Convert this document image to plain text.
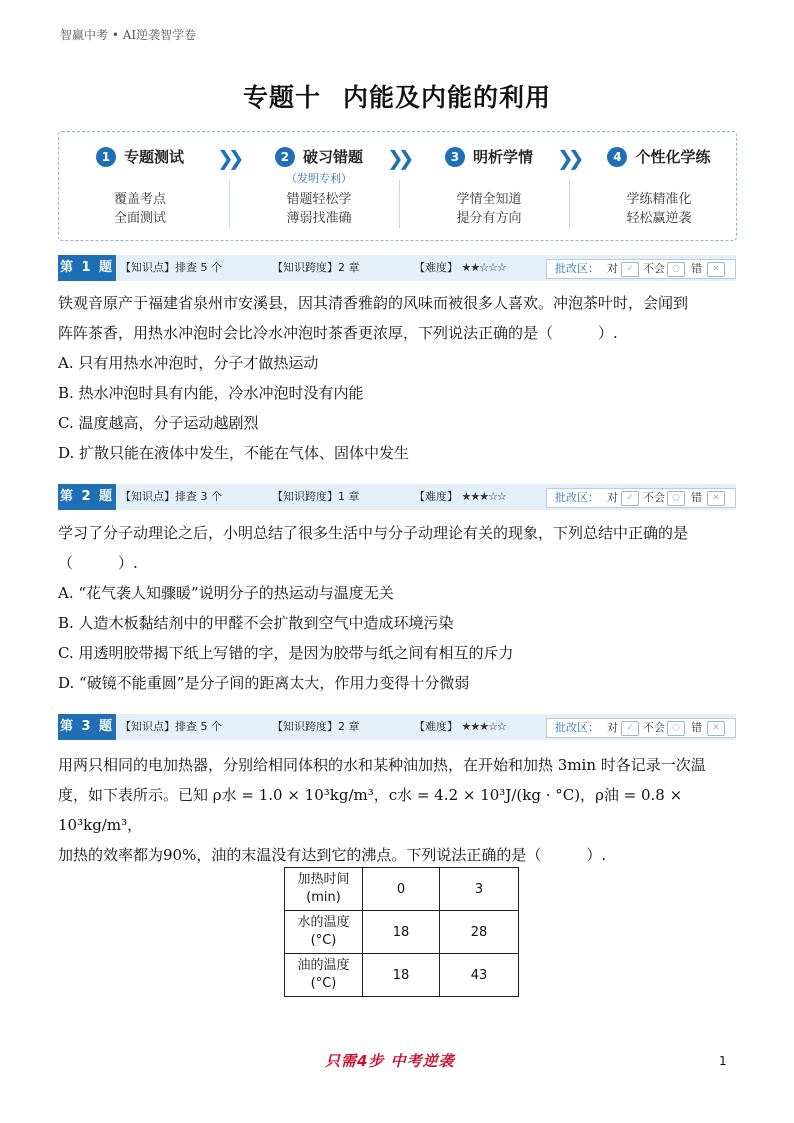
智赢中考 • AI逆袭智学卷
专题十 内能及内能的利用
1 专题测试
覆盖考点
全面测试
❯❯	2 破习错题
（发明专利）
错题轻松学
薄弱找准确
❯❯	3 明析学情
学情全知道
提分有方向
❯❯	4 个性化学练
学练精准化
轻松赢逆袭
第 1 题 【知识点】排查 5 个	【知识跨度】2 章	【难度】 ★★☆☆☆	批改区： 对 ✓ 不会 ○	错	✕
铁观音原产于福建省泉州市安溪县，因其清香雅韵的风味而被很多人喜欢。冲泡茶叶时，会闻到
阵阵茶香，用热水冲泡时会比冷水冲泡时茶香更浓厚，下列说法正确的是（　　　）.
A. 只有用热水冲泡时，分子才做热运动
B. 热水冲泡时具有内能，冷水冲泡时没有内能
C. 温度越高，分子运动越剧烈
D. 扩散只能在液体中发生，不能在气体、固体中发生
第 2 题 【知识点】排查 3 个	【知识跨度】1 章	【难度】 ★★★☆☆	批改区： 对 ✓ 不会 ○	错	✕
学习了分子动理论之后，小明总结了很多生活中与分子动理论有关的现象，下列总结中正确的是
（　　　）.
A. “花气袭人知骤暖”说明分子的热运动与温度无关
B. 人造木板黏结剂中的甲醛不会扩散到空气中造成环境污染
C. 用透明胶带揭下纸上写错的字，是因为胶带与纸之间有相互的斥力
D. “破镜不能重圆”是分子间的距离太大，作用力变得十分微弱
第 3 题 【知识点】排查 5 个	【知识跨度】2 章	【难度】 ★★★☆☆	批改区： 对 ✓ 不会 ○	错	✕
用两只相同的电加热器，分别给相同体积的水和某种油加热，在开始和加热 3min 时各记录一次温
度，如下表所示。已知 ρ水 = 1.0 × 10³kg/m³，c水 = 4.2 × 10³J/(kg · °C)，ρ油 = 0.8 × 10³kg/m³，
加热的效率都为90%，油的末温没有达到它的沸点。下列说法正确的是（　　　）.
加热时间
(min)	0	3

水的温度
(°C)	18	28

油的温度
(°C)	18	43
只需4步 中考逆袭	1
